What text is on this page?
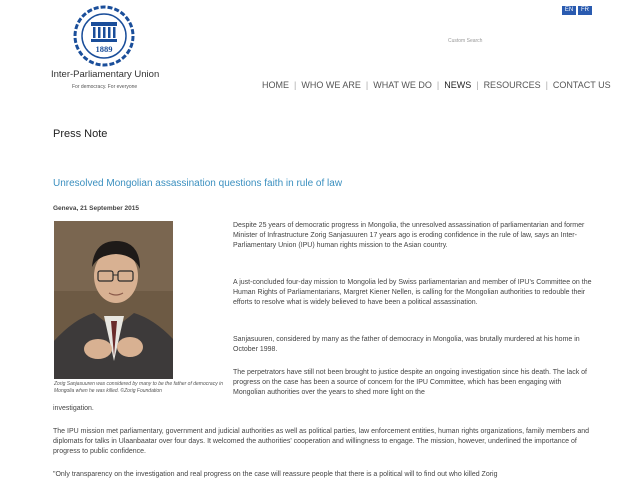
1889
Inter-Parliamentary Union
For democracy. For everyone
EN	FR
Custom Search
HOME | WHO WE ARE | WHAT WE DO | NEWS | RESOURCES | CONTACT US
Press Note
Unresolved Mongolian assassination questions faith in rule of law
Geneva, 21 September 2015
Zorig Sanjasuuren was considered by many to be the father of democracy in Mongolia when he was killed. ©Zorig Foundation

Despite 25 years of democratic progress in Mongolia, the unresolved assassination of parliamentarian and former Minister of Infrastructure Zorig Sanjasuuren 17 years ago is eroding confidence in the rule of law, says an Inter-Parliamentary Union (IPU) human rights mission to the Asian country.

A just-concluded four-day mission to Mongolia led by Swiss parliamentarian and member of IPU's Committee on the Human Rights of Parliamentarians, Margret Kiener Nellen, is calling for the Mongolian authorities to redouble their efforts to resolve what is widely believed to have been a political assassination.

Sanjasuuren, considered by many as the father of democracy in Mongolia, was brutally murdered at his home in October 1998.

The perpetrators have still not been brought to justice despite an ongoing investigation since his death. The lack of progress on the case has been a source of concern for the IPU Committee, which has been engaging with Mongolian authorities over the years to shed more light on the

investigation.

The IPU mission met parliamentary, government and judicial authorities as well as political parties, law enforcement entities, human rights organizations, family members and diplomats for talks in Ulaanbaatar over four days. It welcomed the authorities' cooperation and willingness to engage. The mission, however, underlined the importance of progress to public confidence.

"Only transparency on the investigation and real progress on the case will reassure people that there is a political will to find out who killed Zorig
